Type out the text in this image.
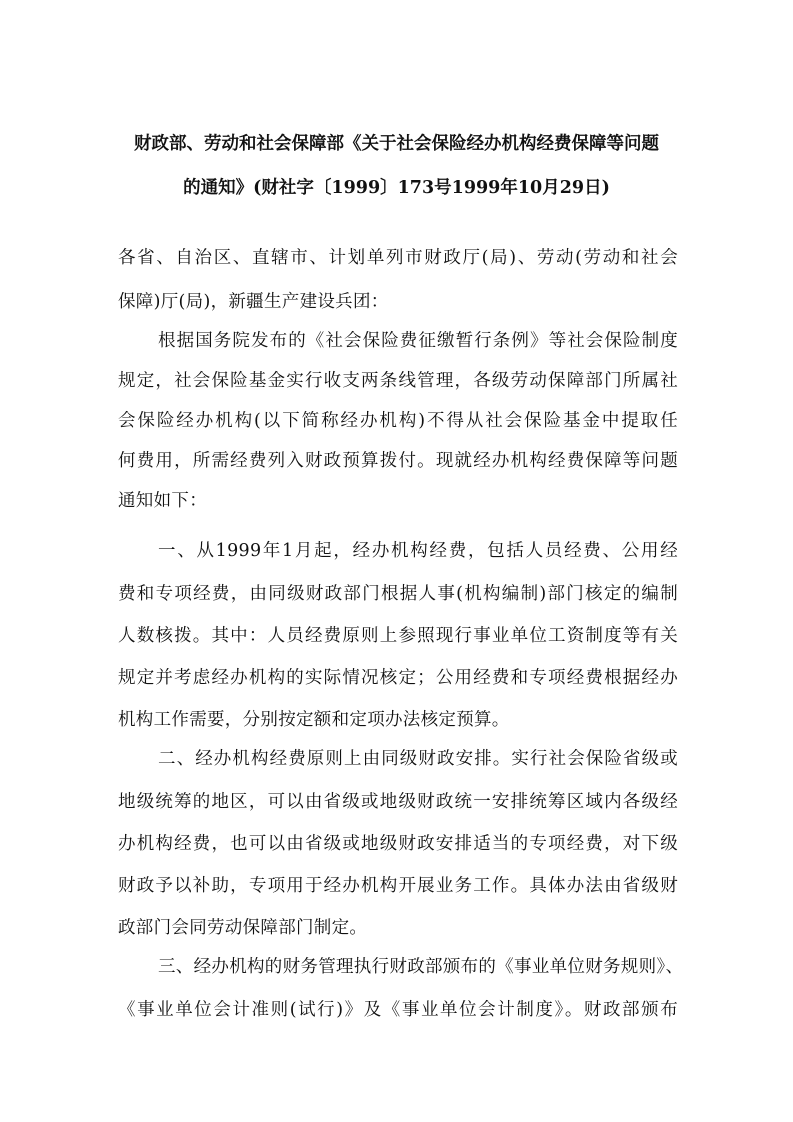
财政部、劳动和社会保障部《关于社会保险经办机构经费保障等问题
的通知》(财社字〔1999〕173号1999年10月29日)

各省、自治区、直辖市、计划单列市财政厅(局)、劳动(劳动和社会

保障)厅(局)，新疆生产建设兵团：

根据国务院发布的《社会保险费征缴暂行条例》等社会保险制度

规定，社会保险基金实行收支两条线管理，各级劳动保障部门所属社

会保险经办机构(以下简称经办机构)不得从社会保险基金中提取任

何费用，所需经费列入财政预算拨付。现就经办机构经费保障等问题

通知如下：

一、从1999年1月起，经办机构经费，包括人员经费、公用经

费和专项经费，由同级财政部门根据人事(机构编制)部门核定的编制

人数核拨。其中：人员经费原则上参照现行事业单位工资制度等有关

规定并考虑经办机构的实际情况核定；公用经费和专项经费根据经办

机构工作需要，分别按定额和定项办法核定预算。

二、经办机构经费原则上由同级财政安排。实行社会保险省级或

地级统筹的地区，可以由省级或地级财政统一安排统筹区域内各级经

办机构经费，也可以由省级或地级财政安排适当的专项经费，对下级

财政予以补助，专项用于经办机构开展业务工作。具体办法由省级财

政部门会同劳动保障部门制定。

三、经办机构的财务管理执行财政部颁布的《事业单位财务规则》、

《事业单位会计准则(试行)》及《事业单位会计制度》。财政部颁布
